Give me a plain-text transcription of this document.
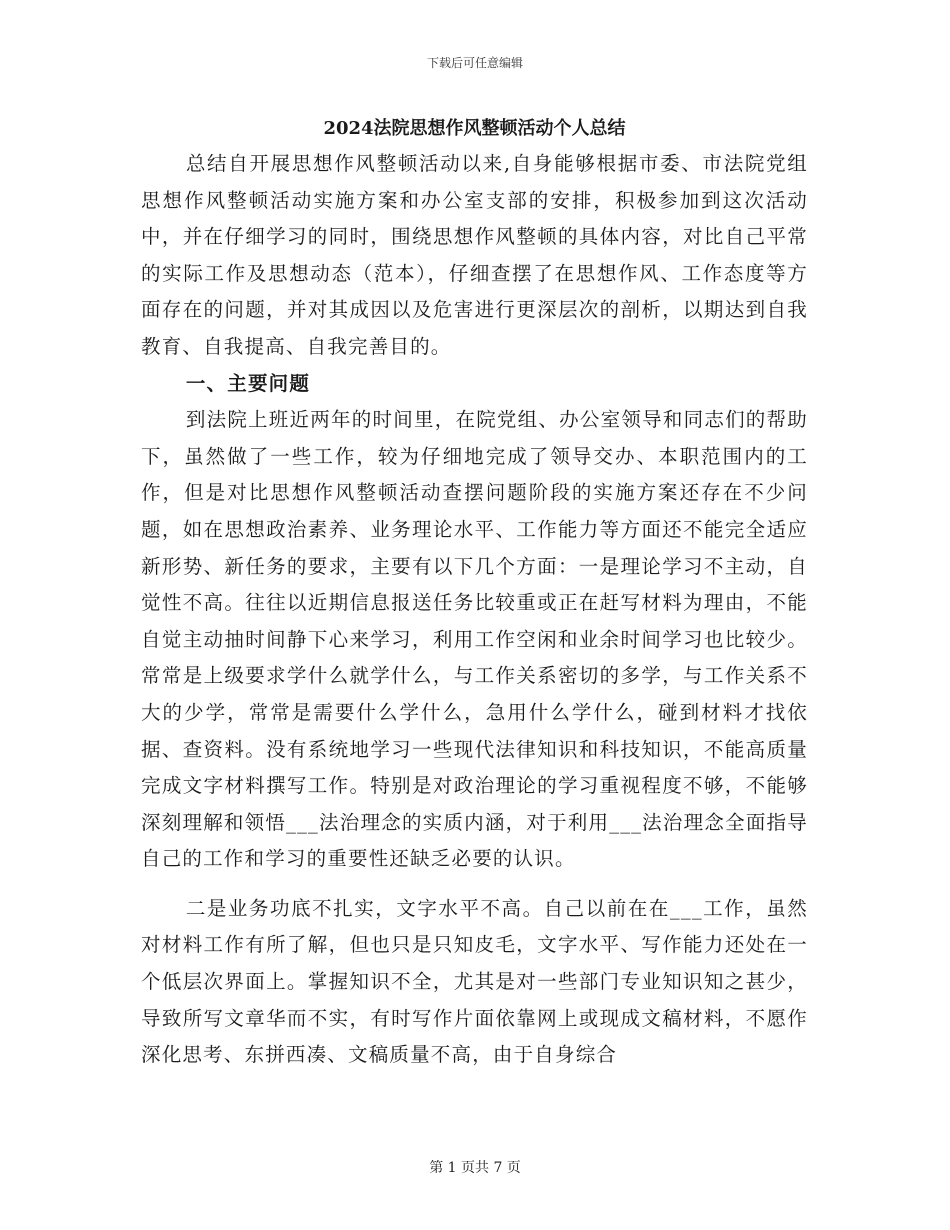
下载后可任意编辑
2024法院思想作风整顿活动个人总结

总结自开展思想作风整顿活动以来,自身能够根据市委、市法院党组思想作风整顿活动实施方案和办公室支部的安排，积极参加到这次活动中，并在仔细学习的同时，围绕思想作风整顿的具体内容，对比自己平常的实际工作及思想动态（范本），仔细查摆了在思想作风、工作态度等方面存在的问题，并对其成因以及危害进行更深层次的剖析，以期达到自我教育、自我提高、自我完善目的。

一、主要问题

到法院上班近两年的时间里，在院党组、办公室领导和同志们的帮助下，虽然做了一些工作，较为仔细地完成了领导交办、本职范围内的工作，但是对比思想作风整顿活动查摆问题阶段的实施方案还存在不少问题，如在思想政治素养、业务理论水平、工作能力等方面还不能完全适应新形势、新任务的要求，主要有以下几个方面：一是理论学习不主动，自觉性不高。往往以近期信息报送任务比较重或正在赶写材料为理由，不能自觉主动抽时间静下心来学习，利用工作空闲和业余时间学习也比较少。常常是上级要求学什么就学什么，与工作关系密切的多学，与工作关系不大的少学，常常是需要什么学什么，急用什么学什么，碰到材料才找依据、查资料。没有系统地学习一些现代法律知识和科技知识，不能高质量完成文字材料撰写工作。特别是对政治理论的学习重视程度不够，不能够深刻理解和领悟___法治理念的实质内涵，对于利用___法治理念全面指导自己的工作和学习的重要性还缺乏必要的认识。

二是业务功底不扎实，文字水平不高。自己以前在在___工作，虽然对材料工作有所了解，但也只是只知皮毛，文字水平、写作能力还处在一个低层次界面上。掌握知识不全，尤其是对一些部门专业知识知之甚少，导致所写文章华而不实，有时写作片面依靠网上或现成文稿材料，不愿作深化思考、东拼西凑、文稿质量不高，由于自身综合

第 1 页共 7 页
